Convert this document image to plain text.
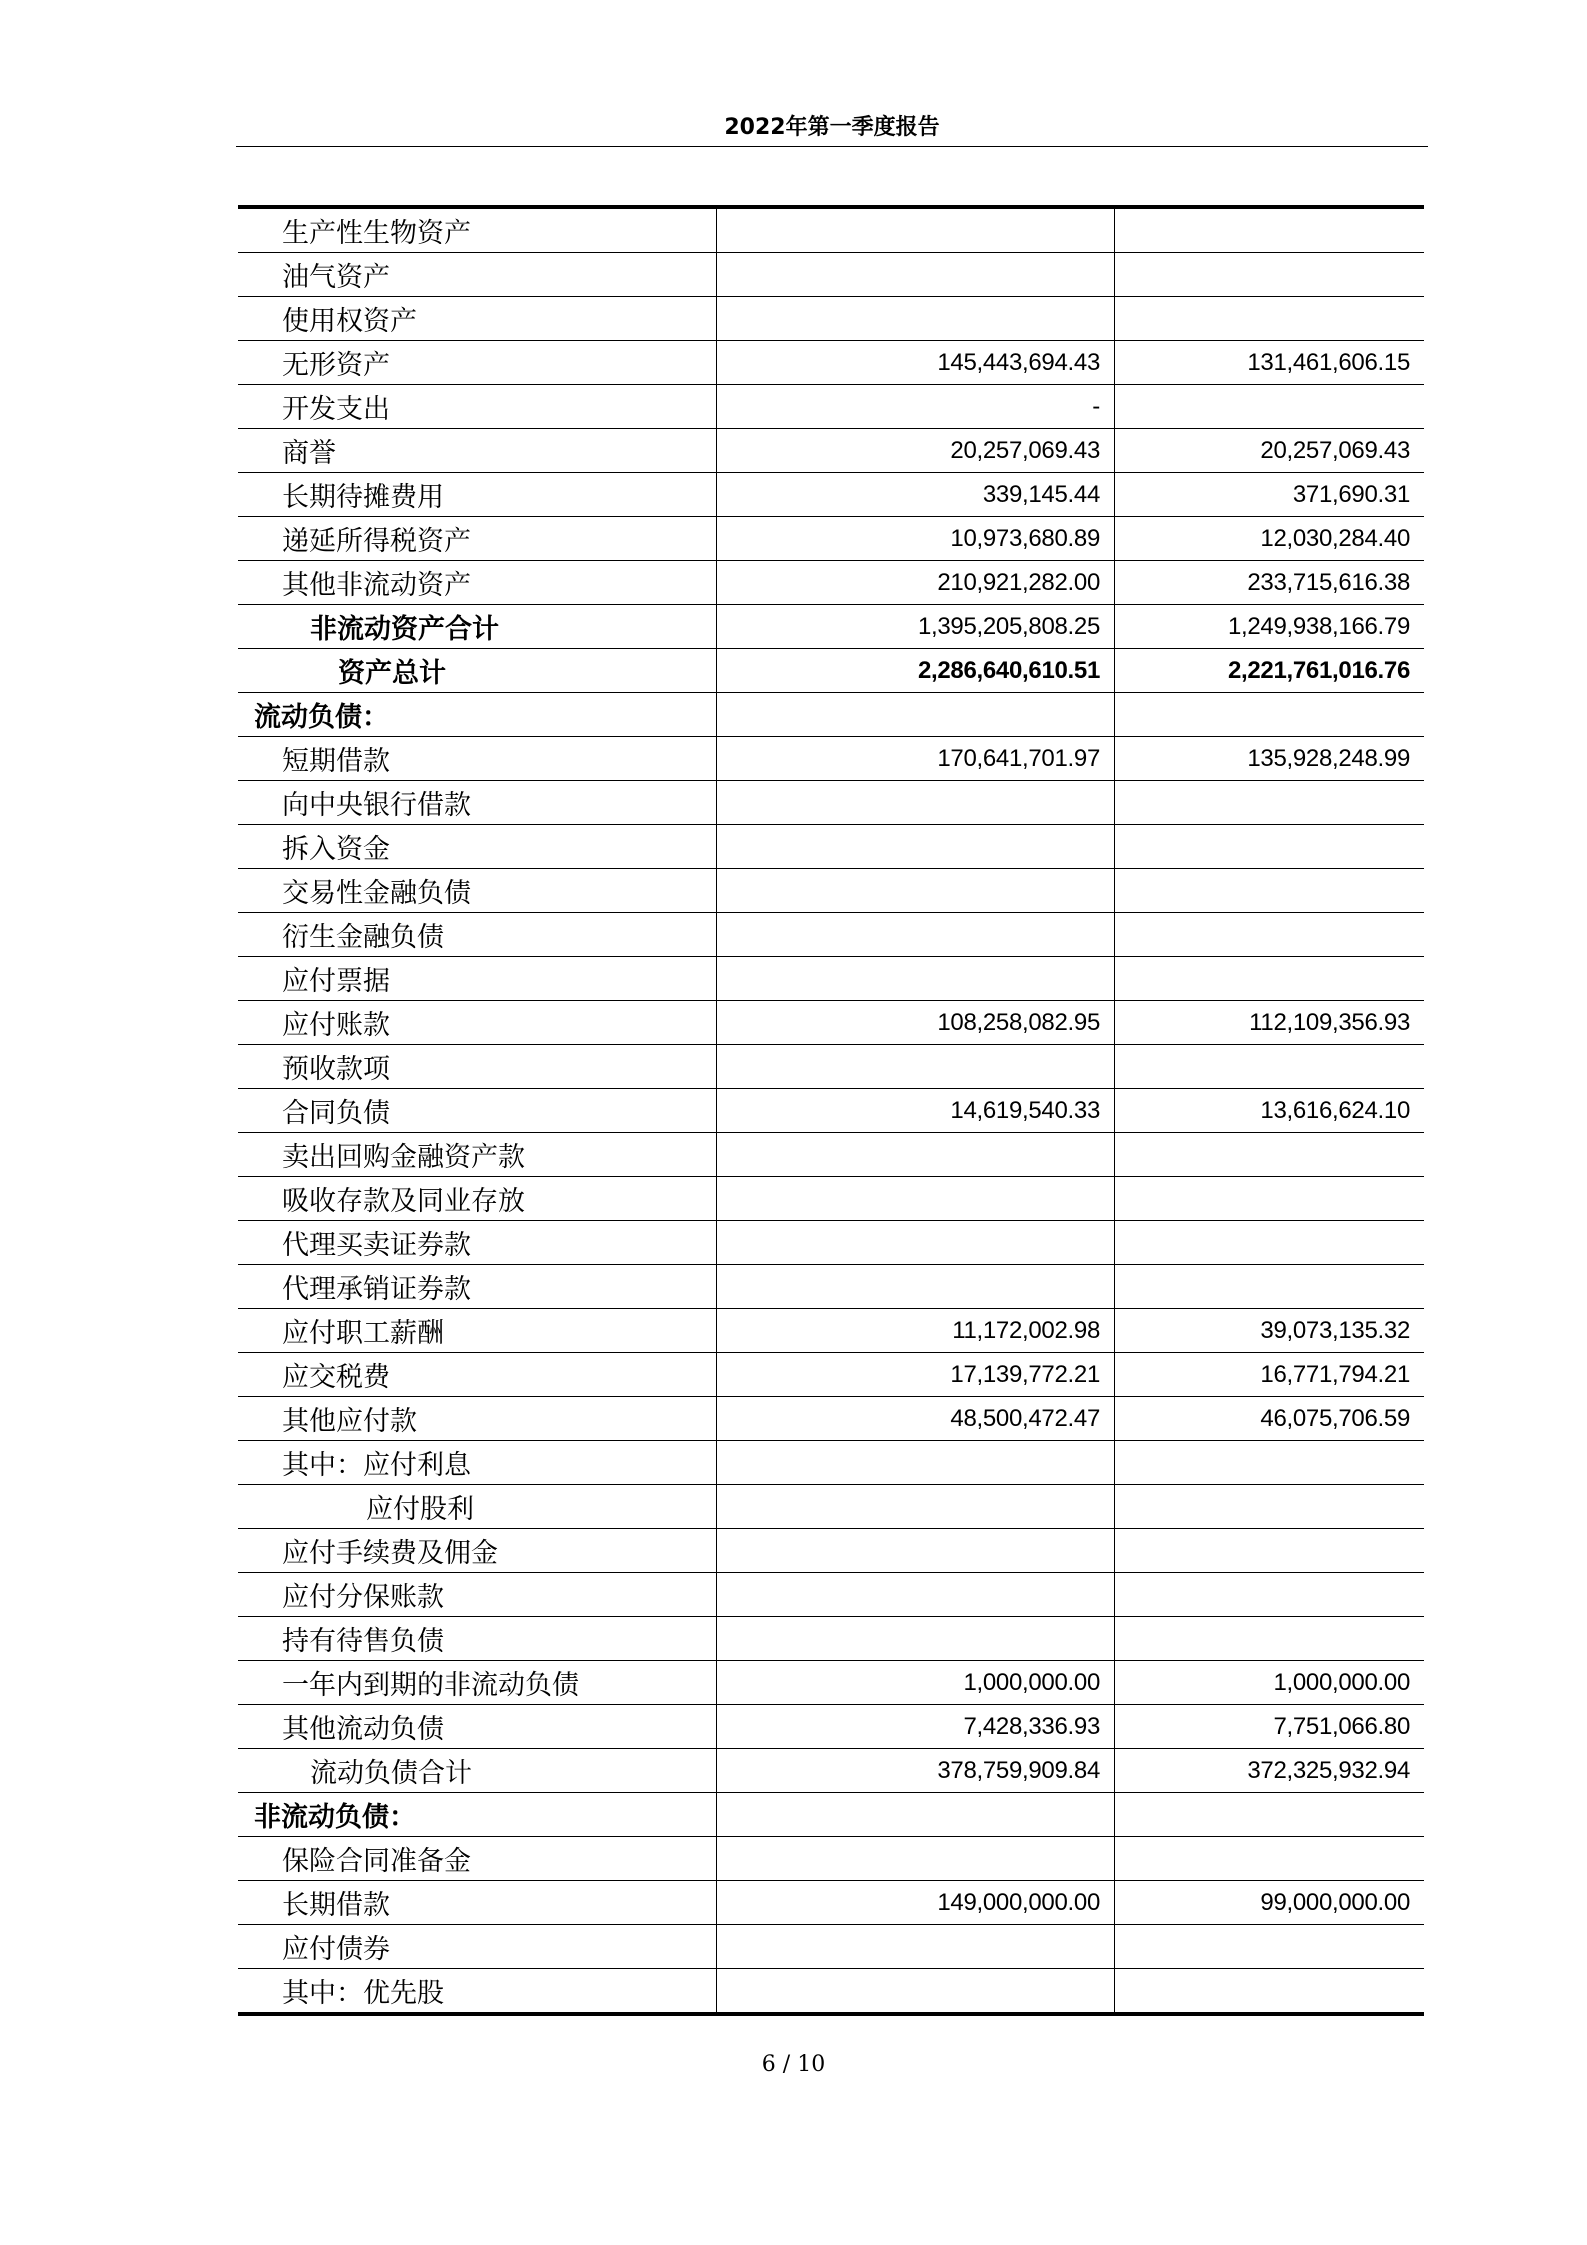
2022年第一季度报告
生产性生物资产		
油气资产		
使用权资产		
无形资产	145,443,694.43	131,461,606.15
开发支出	-	
商誉	20,257,069.43	20,257,069.43
长期待摊费用	339,145.44	371,690.31
递延所得税资产	10,973,680.89	12,030,284.40
其他非流动资产	210,921,282.00	233,715,616.38
非流动资产合计	1,395,205,808.25	1,249,938,166.79
资产总计	2,286,640,610.51	2,221,761,016.76
流动负债：		
短期借款	170,641,701.97	135,928,248.99
向中央银行借款		
拆入资金		
交易性金融负债		
衍生金融负债		
应付票据		
应付账款	108,258,082.95	112,109,356.93
预收款项		
合同负债	14,619,540.33	13,616,624.10
卖出回购金融资产款		
吸收存款及同业存放		
代理买卖证券款		
代理承销证券款		
应付职工薪酬	11,172,002.98	39,073,135.32
应交税费	17,139,772.21	16,771,794.21
其他应付款	48,500,472.47	46,075,706.59
其中：应付利息		
应付股利		
应付手续费及佣金		
应付分保账款		
持有待售负债		
一年内到期的非流动负债	1,000,000.00	1,000,000.00
其他流动负债	7,428,336.93	7,751,066.80
流动负债合计	378,759,909.84	372,325,932.94
非流动负债：		
保险合同准备金		
长期借款	149,000,000.00	99,000,000.00
应付债券		
其中：优先股		
6 / 10
